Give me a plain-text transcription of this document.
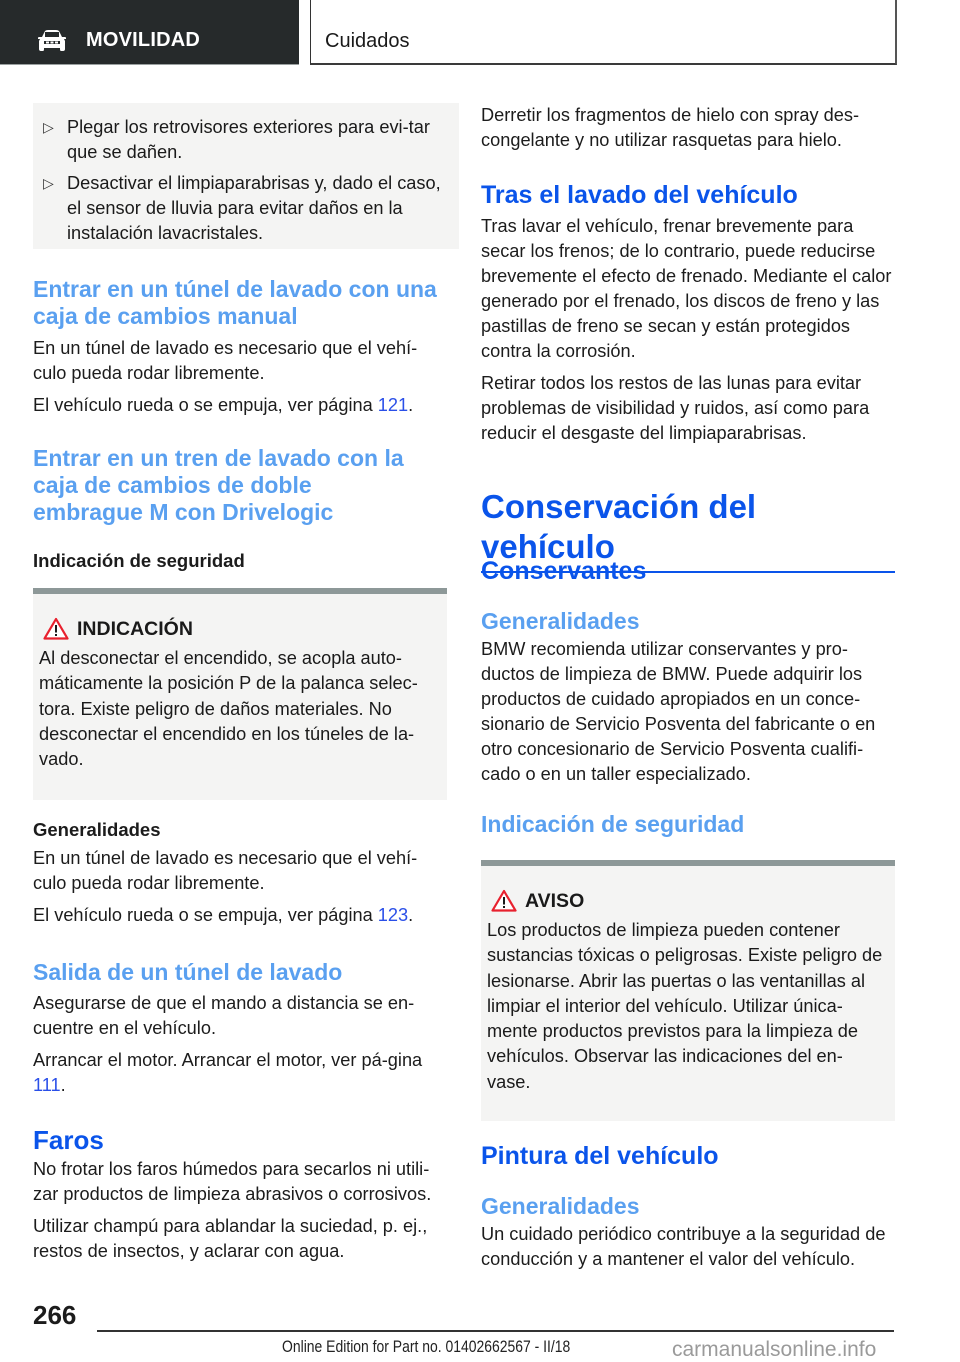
MOVILIDAD	Cuidados
▷ Plegar los retrovisores exteriores para evi-tar que se dañen.
▷ Desactivar el limpiaparabrisas y, dado el caso, el sensor de lluvia para evitar daños en la instalación lavacristales.
Entrar en un túnel de lavado con una caja de cambios manual

En un túnel de lavado es necesario que el vehí-culo pueda rodar libremente.

El vehículo rueda o se empuja, ver página 121.

Entrar en un tren de lavado con la caja de cambios de doble embrague M con Drivelogic

Indicación de seguridad

INDICACIÓN
Al desconectar el encendido, se acopla auto-máticamente la posición P de la palanca selec-tora. Existe peligro de daños materiales. No desconectar el encendido en los túneles de la-vado.

Generalidades

En un túnel de lavado es necesario que el vehí-culo pueda rodar libremente.

El vehículo rueda o se empuja, ver página 123.

Salida de un túnel de lavado

Asegurarse de que el mando a distancia se en-cuentre en el vehículo.

Arrancar el motor. Arrancar el motor, ver pá-gina 111.

Faros

No frotar los faros húmedos para secarlos ni utili-zar productos de limpieza abrasivos o corrosivos.

Utilizar champú para ablandar la suciedad, p. ej., restos de insectos, y aclarar con agua.

Derretir los fragmentos de hielo con spray des-congelante y no utilizar rasquetas para hielo.

Tras el lavado del vehículo

Tras lavar el vehículo, frenar brevemente para secar los frenos; de lo contrario, puede reducirse brevemente el efecto de frenado. Mediante el calor generado por el frenado, los discos de freno y las pastillas de freno se secan y están protegidos contra la corrosión.

Retirar todos los restos de las lunas para evitar problemas de visibilidad y ruidos, así como para reducir el desgaste del limpiaparabrisas.

Conservación del vehículo
Conservantes

Generalidades

BMW recomienda utilizar conservantes y pro-ductos de limpieza de BMW. Puede adquirir los productos de cuidado apropiados en un conce-sionario de Servicio Posventa del fabricante o en otro concesionario de Servicio Posventa cualifi-cado o en un taller especializado.

Indicación de seguridad

AVISO
Los productos de limpieza pueden contener sustancias tóxicas o peligrosas. Existe peligro de lesionarse. Abrir las puertas o las ventanillas al limpiar el interior del vehículo. Utilizar única-mente productos previstos para la limpieza de vehículos. Observar las indicaciones del en-vase.
Pintura del vehículo

Generalidades

Un cuidado periódico contribuye a la seguridad de conducción y a mantener el valor del vehículo.

266
Online Edition for Part no. 01402662567 - II/18	carmanualsonline.info
